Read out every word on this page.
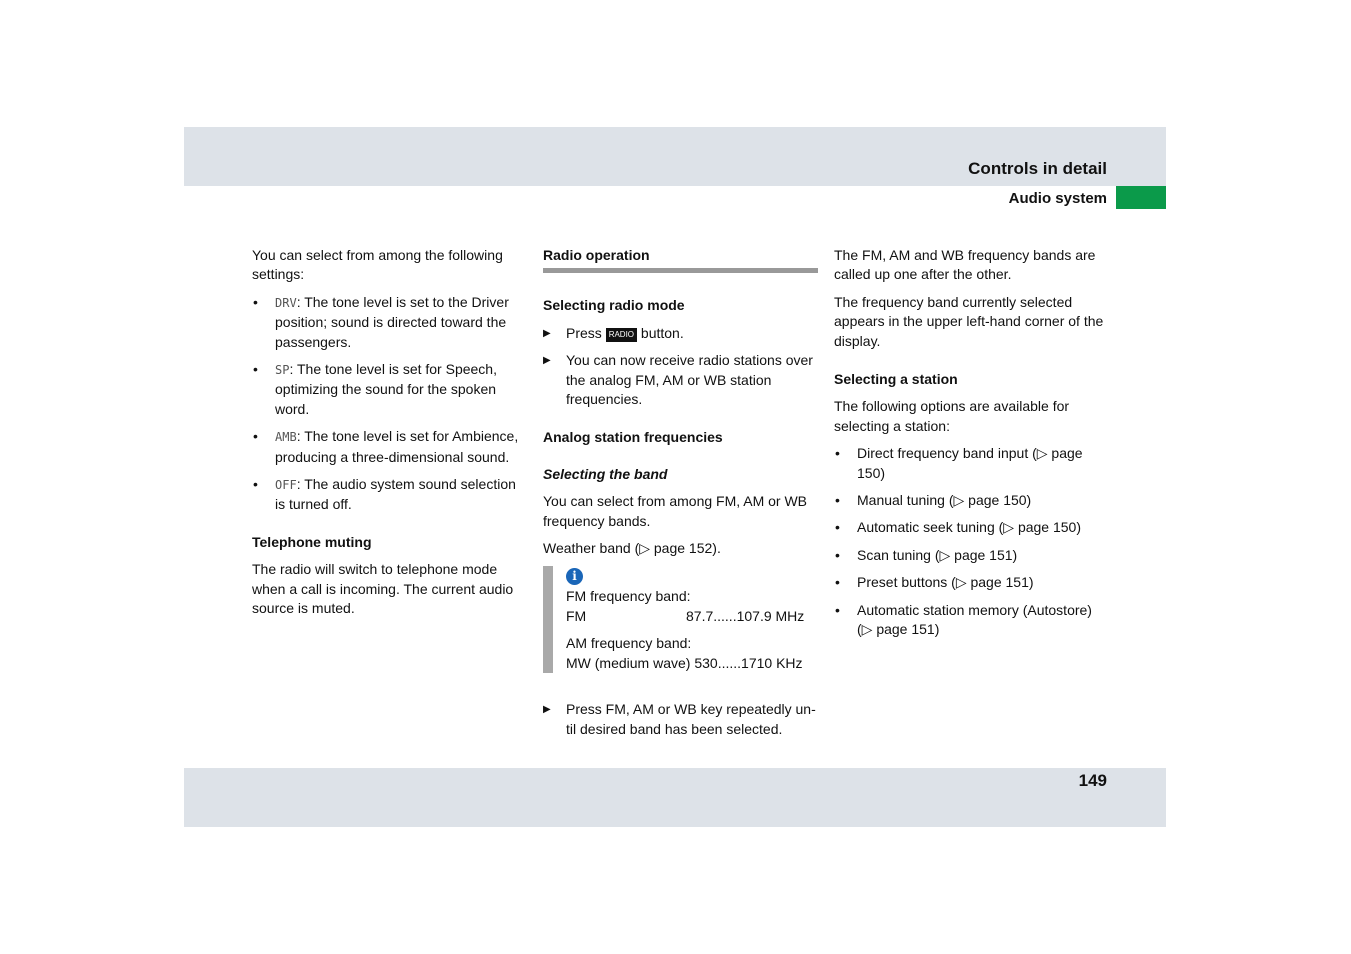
Controls in detail
Audio system

You can select from among the following settings:

• DRV: The tone level is set to the Driver position; sound is directed toward the passengers.
• SP: The tone level is set for Speech, optimizing the sound for the spoken word.
• AMB: The tone level is set for Ambience, producing a three-dimensional sound.
• OFF: The audio system sound selection is turned off.
Telephone muting

The radio will switch to telephone mode when a call is incoming. The current audio source is muted.

Radio operation
Selecting radio mode
▶ Press RADIO button.
▶ You can now receive radio stations over the analog FM, AM or WB station frequencies.
Analog station frequencies
Selecting the band

You can select from among FM, AM or WB frequency bands.

Weather band (▷ page 152).

i
FM frequency band:
FM	87.7......107.9 MHz
AM frequency band:
MW (medium wave) 530......1710 KHz
▶ Press FM, AM or WB key repeatedly un-til desired band has been selected.

The FM, AM and WB frequency bands are called up one after the other.

The frequency band currently selected appears in the upper left-hand corner of the display.

Selecting a station

The following options are available for selecting a station:

• Direct frequency band input (▷ page 150)
• Manual tuning (▷ page 150)
• Automatic seek tuning (▷ page 150)
• Scan tuning (▷ page 151)
• Preset buttons (▷ page 151)
• Automatic station memory (Autostore) (▷ page 151)
149
